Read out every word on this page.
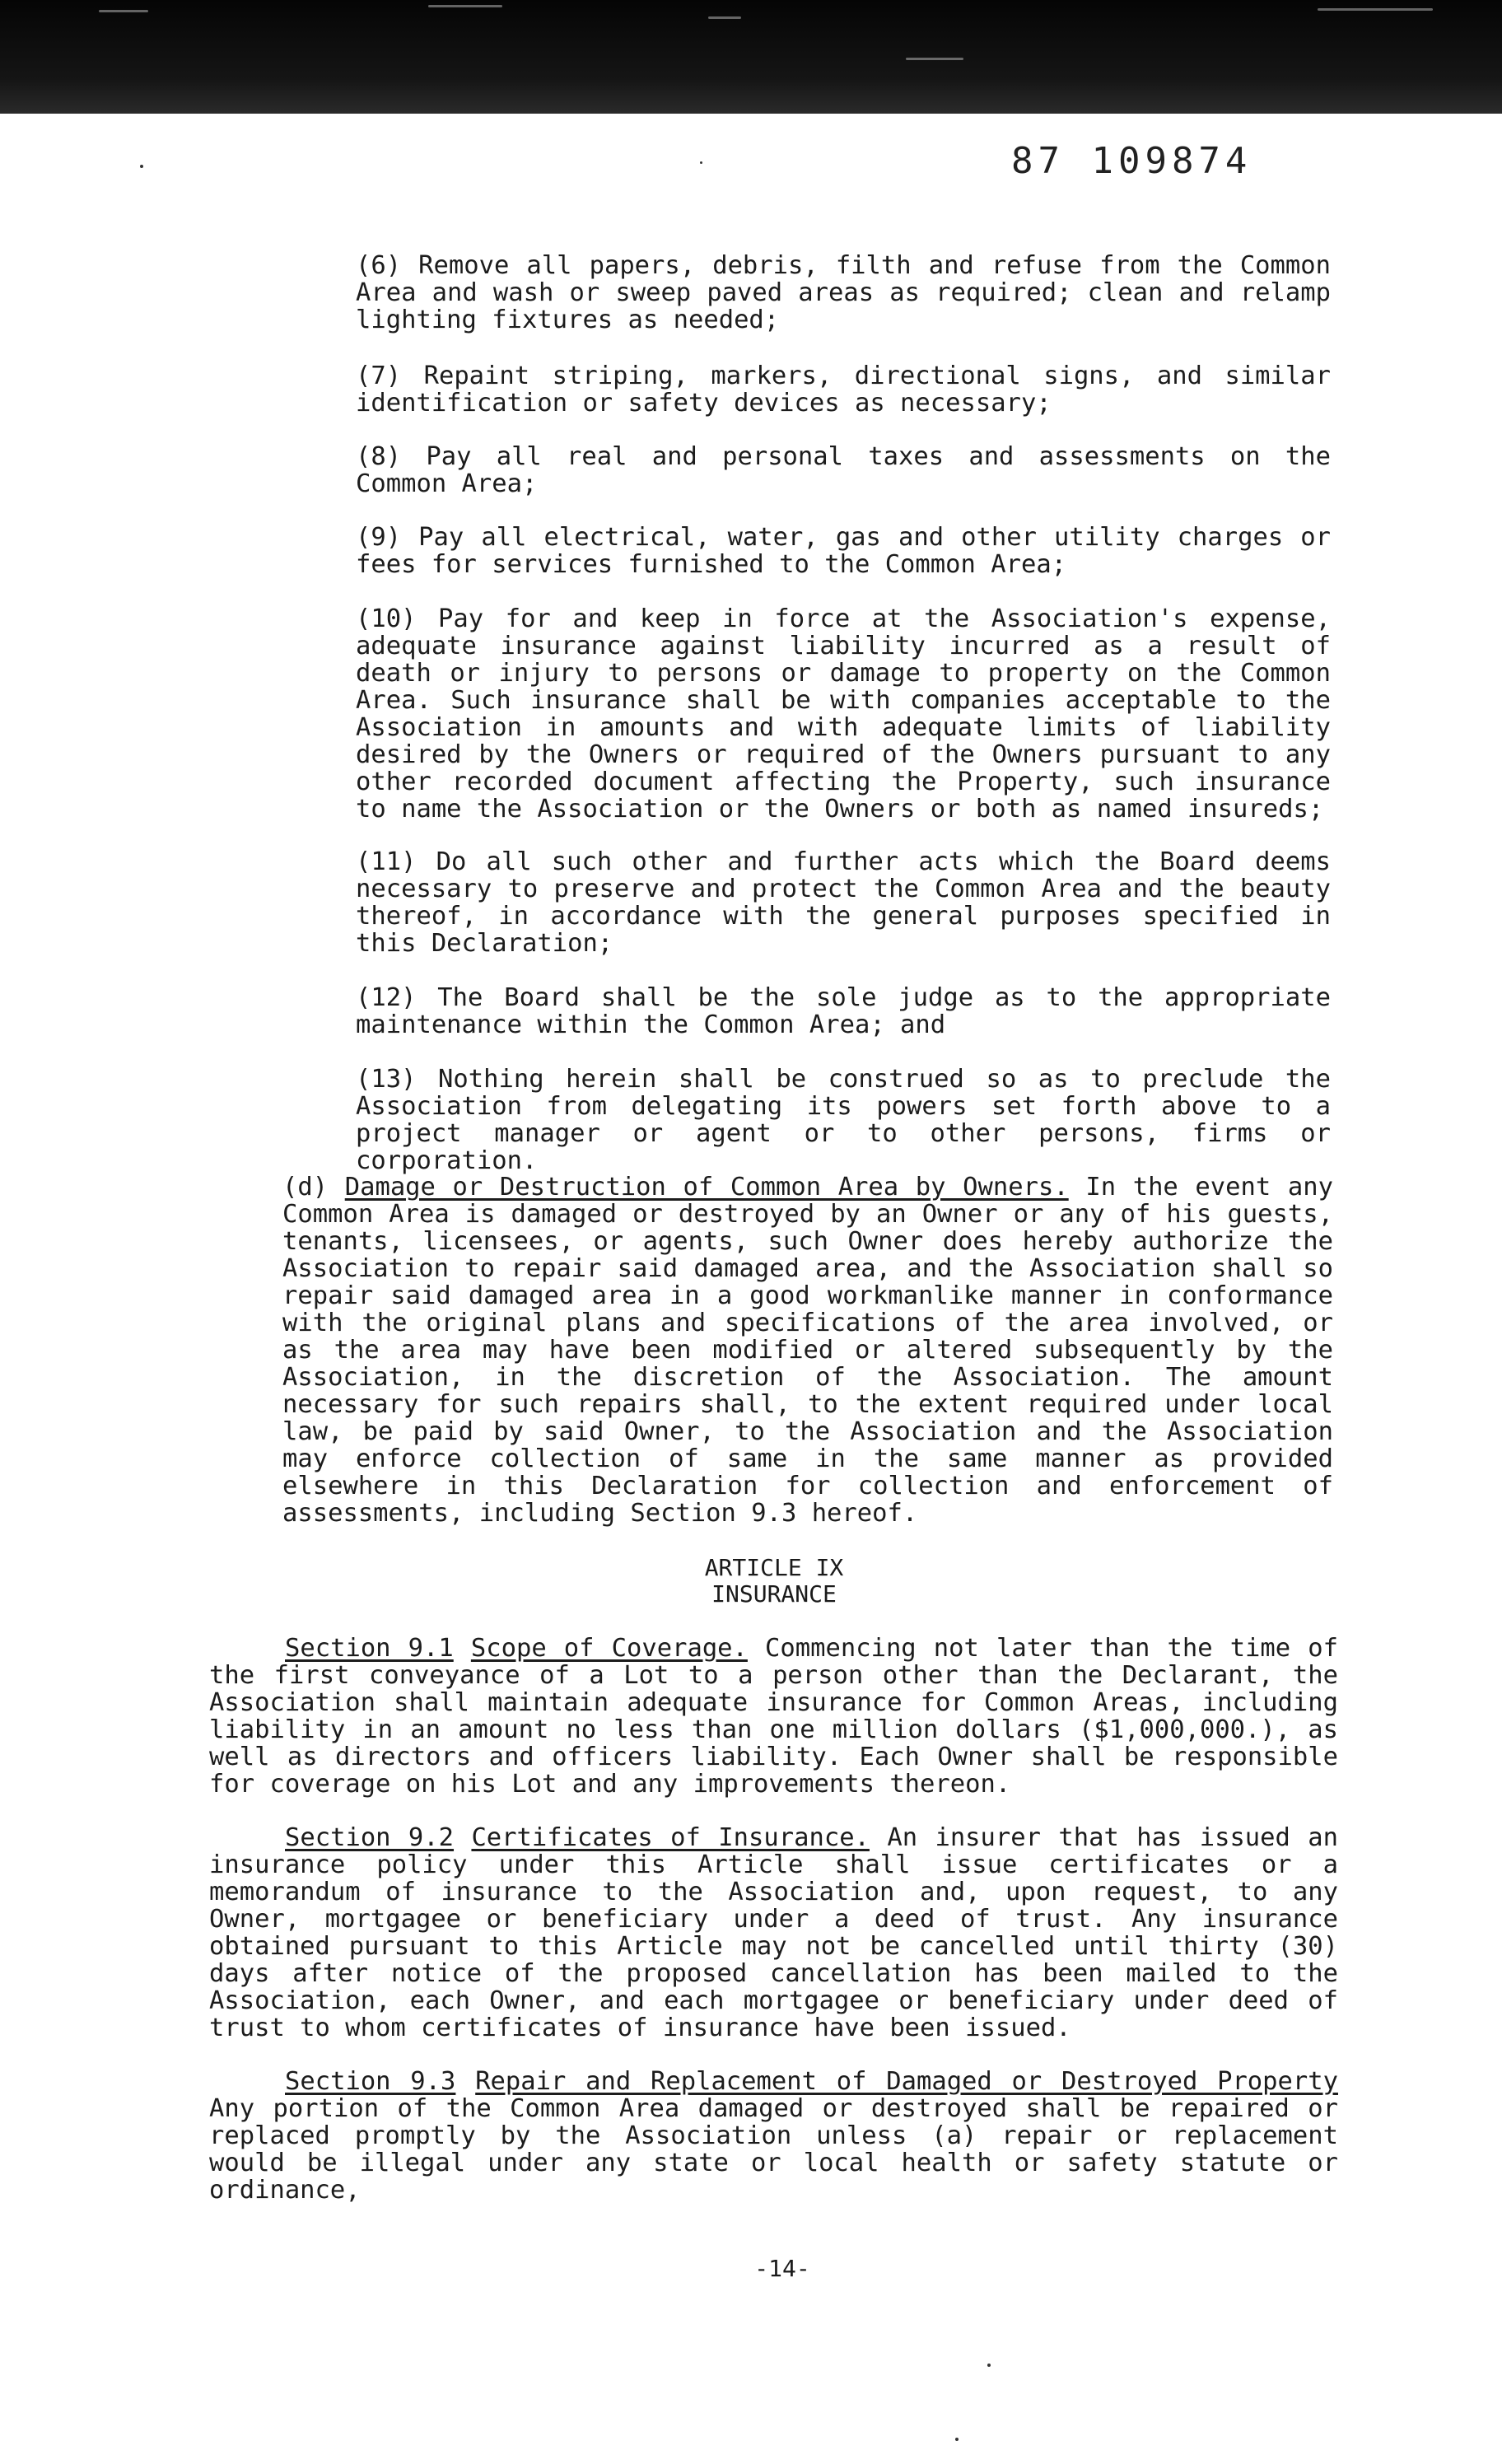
87 109874
(6) Remove all papers, debris, filth and refuse from the Common Area and wash or sweep paved areas as required; clean and relamp lighting fixtures as needed;
(7) Repaint striping, markers, directional signs, and similar identification or safety devices as necessary;
(8) Pay all real and personal taxes and assessments on the Common Area;
(9) Pay all electrical, water, gas and other utility charges or fees for services furnished to the Common Area;
(10) Pay for and keep in force at the Association's expense, adequate insurance against liability incurred as a result of death or injury to persons or damage to property on the Common Area. Such insurance shall be with companies acceptable to the Association in amounts and with adequate limits of liability desired by the Owners or required of the Owners pursuant to any other recorded document affecting the Property, such insurance to name the Association or the Owners or both as named insureds;
(11) Do all such other and further acts which the Board deems necessary to preserve and protect the Common Area and the beauty thereof, in accordance with the general purposes specified in this Declaration;
(12) The Board shall be the sole judge as to the appropriate maintenance within the Common Area; and
(13) Nothing herein shall be construed so as to preclude the Association from delegating its powers set forth above to a project manager or agent or to other persons, firms or corporation.
(d) Damage or Destruction of Common Area by Owners. In the event any Common Area is damaged or destroyed by an Owner or any of his guests, tenants, licensees, or agents, such Owner does hereby authorize the Association to repair said damaged area, and the Association shall so repair said damaged area in a good workmanlike manner in conformance with the original plans and specifications of the area involved, or as the area may have been modified or altered subsequently by the Association, in the discretion of the Association. The amount necessary for such repairs shall, to the extent required under local law, be paid by said Owner, to the Association and the Association may enforce collection of same in the same manner as provided elsewhere in this Declaration for collection and enforcement of assessments, including Section 9.3 hereof.
ARTICLE IX
INSURANCE
Section 9.1 Scope of Coverage. Commencing not later than the time of the first conveyance of a Lot to a person other than the Declarant, the Association shall maintain adequate insurance for Common Areas, including liability in an amount no less than one million dollars ($1,000,000.), as well as directors and officers liability. Each Owner shall be responsible for coverage on his Lot and any improvements thereon.
Section 9.2 Certificates of Insurance. An insurer that has issued an insurance policy under this Article shall issue certificates or a memorandum of insurance to the Association and, upon request, to any Owner, mortgagee or beneficiary under a deed of trust. Any insurance obtained pursuant to this Article may not be cancelled until thirty (30) days after notice of the proposed cancellation has been mailed to the Association, each Owner, and each mortgagee or beneficiary under deed of trust to whom certificates of insurance have been issued.
Section 9.3 Repair and Replacement of Damaged or Destroyed Property Any portion of the Common Area damaged or destroyed shall be repaired or replaced promptly by the Association unless (a) repair or replacement would be illegal under any state or local health or safety statute or ordinance,
-14-
